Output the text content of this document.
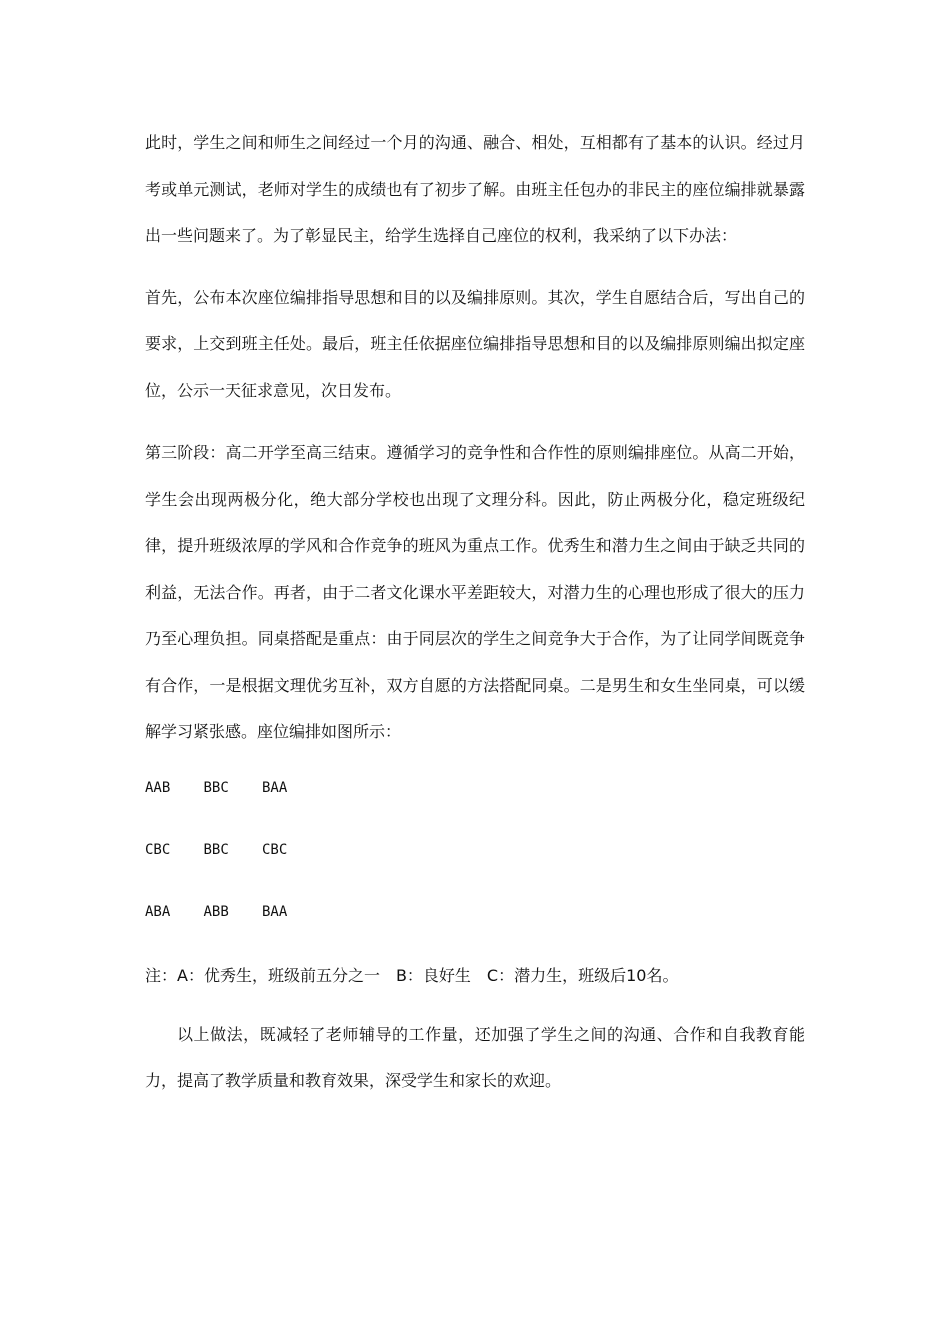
此时，学生之间和师生之间经过一个月的沟通、融合、相处，互相都有了基本的认识。经过月考或单元测试，老师对学生的成绩也有了初步了解。由班主任包办的非民主的座位编排就暴露出一些问题来了。为了彰显民主，给学生选择自己座位的权利，我采纳了以下办法：

首先，公布本次座位编排指导思想和目的以及编排原则。其次，学生自愿结合后，写出自己的要求，上交到班主任处。最后，班主任依据座位编排指导思想和目的以及编排原则编出拟定座位，公示一天征求意见，次日发布。

第三阶段：高二开学至高三结束。遵循学习的竞争性和合作性的原则编排座位。从高二开始，学生会出现两极分化，绝大部分学校也出现了文理分科。因此，防止两极分化，稳定班级纪律，提升班级浓厚的学风和合作竞争的班风为重点工作。优秀生和潜力生之间由于缺乏共同的利益，无法合作。再者，由于二者文化课水平差距较大，对潜力生的心理也形成了很大的压力乃至心理负担。同桌搭配是重点：由于同层次的学生之间竞争大于合作，为了让同学间既竞争有合作，一是根据文理优劣互补，双方自愿的方法搭配同桌。二是男生和女生坐同桌，可以缓解学习紧张感。座位编排如图所示：

AAB	BBC	BAA
CBC	BBC	CBC
ABA	ABB	BAA

注：A：优秀生，班级前五分之一　B：良好生　C：潜力生，班级后10名。

以上做法，既减轻了老师辅导的工作量，还加强了学生之间的沟通、合作和自我教育能力，提高了教学质量和教育效果，深受学生和家长的欢迎。
